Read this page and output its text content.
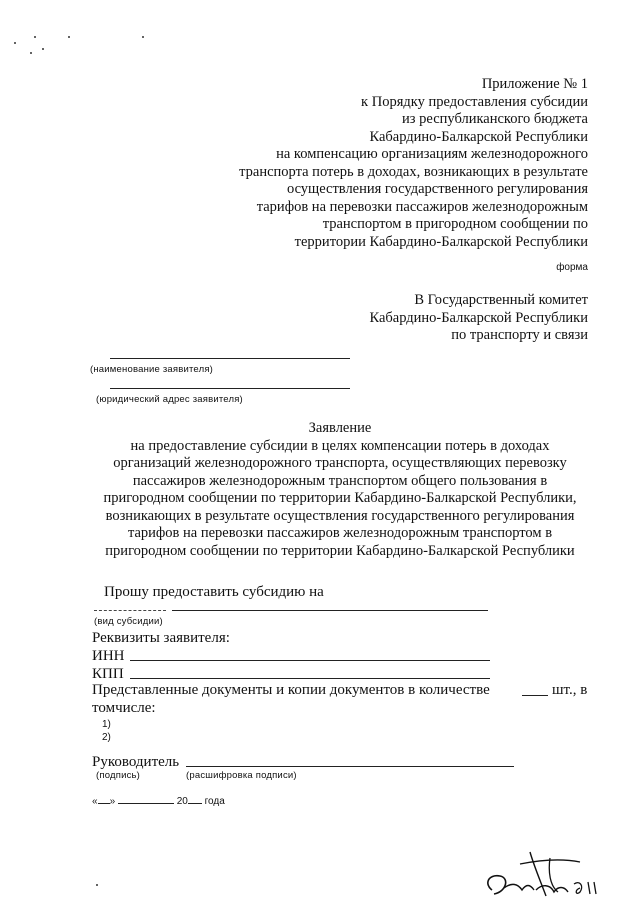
Приложение № 1
к Порядку предоставления субсидии
из республиканского бюджета
Кабардино-Балкарской Республики
на компенсацию организациям железнодорожного
транспорта потерь в доходах, возникающих в результате
осуществления государственного регулирования
тарифов на перевозки пассажиров железнодорожным
транспортом в пригородном сообщении по
территории Кабардино-Балкарской Республики
форма
В Государственный комитет
Кабардино-Балкарской Республики
по транспорту и связи
(наименование заявителя)
(юридический адрес заявителя)
Заявление
на предоставление субсидии в целях компенсации потерь в доходах
организаций железнодорожного транспорта, осуществляющих перевозку
пассажиров железнодорожным транспортом общего пользования в
пригородном сообщении по территории Кабардино-Балкарской Республики,
возникающих в результате осуществления государственного регулирования
тарифов на перевозки пассажиров железнодорожным транспортом в
пригородном сообщении по территории Кабардино-Балкарской Республики
Прошу предоставить субсидию на
(вид субсидии)
Реквизиты заявителя:
ИНН
КПП
Представленные документы и копии документов в количестве	шт., в
томчисле:
1)
2)
Руководитель
(подпись)	(расшифровка подписи)
« »	20 года
